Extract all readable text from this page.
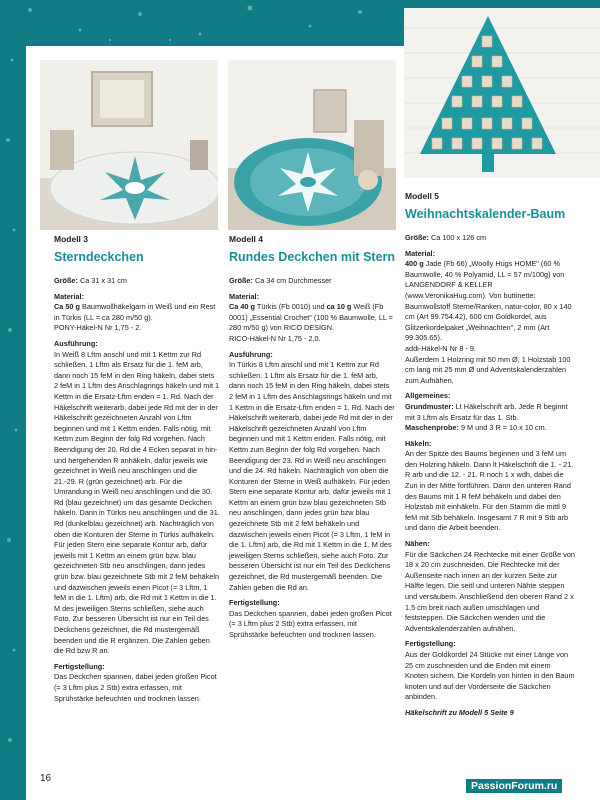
Modell 3
Sterndeckchen
Modell 4
Rundes Deckchen mit Stern
Modell 5
Weihnachtskalender-Baum

Größe: Ca 31 x 31 cm

Material:
Ca 50 g Baumwollhäkelgarn in Weiß und ein Rest in Türkis (LL = ca 280 m/50 g).
PONY-Häkel-N Nr 1,75 - 2.

Ausführung:
In Weiß 8 Lftm anschl und mit 1 Kettm zur Rd schließen. 1 Lftm als Ersatz für die 1. feM arb, dann noch 15 feM in den Ring häkeln, dabei stets 2 feM in 1 Lftm des Anschlagrings häkeln und mit 1 Kettm in die Ersatz-Lftm enden = 1. Rd. Nach der Häkelschrift weiterarb, dabei jede Rd mit der in der Häkelschrift gezeichneten Anzahl von Lftm beginnen und mit 1 Kettm enden. Falls nötig, mit Kettm zum Beginn der folg Rd vorgehen. Nach Beendigung der 20. Rd die 4 Ecken separat in hin- und hergehenden R anhäkeln, dafür jeweils wie gezeichnet in Weiß neu anschlingen und die 21.-29. R (grün gezeichnet) arb. Für die Umrandung in Weiß neu anschlingen und die 30. Rd (blau gezeichnet) um das gesamte Deckchen häkeln. Dann in Türkis neu anschlingen und die 31. Rd (dunkelblau gezeichnet) arb. Nachträglich von oben die Konturen der Sterne in Türkis aufhäkeln. Für jeden Stern eine separate Kontur arb, dafür jeweils mit 1 Kettm an einem grün bzw. blau gezeichneten Stb neu anschlingen, dann jedes grün bzw. blau gezeichnete Stb mit 2 feM behäkeln und dazwischen jeweils einen Picot (= 3 Lftm, 1 feM in die 1. Lftm) arb, die Rd mit 1 Kettm in die 1. M des jeweiligen Sterns schließen, siehe auch Foto. Zur besseren Übersicht ist nur ein Teil des Deckchens gezeichnet, die Rd mustergemäß beenden und die R ergänzen. Die Zahlen geben die Rd bzw R an.

Fertigstellung:
Das Deckchen spannen, dabei jeden großen Picot (= 3 Lftm plus 2 Stb) extra erfassen, mit Sprühstärke befeuchten und trocknen lassen.

Größe: Ca 34 cm Durchmesser

Material:
Ca 40 g Türkis (Fb 0010) und ca 10 g Weiß (Fb 0001) „Essential Crochet" (100 % Baumwolle, LL = 280 m/50 g) von RICO DESIGN.
RICO-Häkel-N Nr 1,75 - 2,0.

Ausführung:
In Türkis 8 Lftm anschl und mit 1 Kettm zur Rd schließen. 1 Lftm als Ersatz für die 1. feM arb, dann noch 15 feM in den Ring häkeln, dabei stets 2 feM in 1 Lftm des Anschlagsrings häkeln und mit 1 Kettm in die Ersatz-Lftm enden = 1. Rd. Nach der Häkelschrift weiterarb, dabei jede Rd mit der in der Häkelschrift gezeichneten Anzahl von Lftm beginnen und mit 1 Kettm enden. Falls nötig, mit Kettm zum Beginn der folg Rd vorgehen. Nach Beendigung der 23. Rd in Weiß neu anschlingen und die 24. Rd häkeln. Nachträglich von oben die Konturen der Sterne in Weiß aufhäkeln. Für jeden Stern eine separate Kontur arb, dafür jeweils mit 1 Kettm an einem grün bzw blau gezeichneten Stb neu anschlingen, dann jedes grün bzw blau gezeichnete Stb mit 2 feM behäkeln und dazwischen jeweils einen Picot (= 3 Lftm, 1 feM in die 1. Lftm) arb, die Rd mit 1 Kettm in die 1. M des jeweiligen Sterns schließen, siehe auch Foto. Zur besseren Übersicht ist nur ein Teil des Deckchens gezeichnet, die Rd mustergemäß beenden. Die Zahlen geben die Rd an.

Fertigstellung:
Das Deckchen spannen, dabei jeden großen Picot (= 3 Lftm plus 2 Stb) extra erfassen, mit Sprühstärke befeuchten und trocknen lassen.

Größe: Ca 100 x 126 cm

Material:
400 g Jade (Fb 66) „Woolly Hugs HOME" (60 % Baumwolle, 40 % Polyamid, LL = 57 m/100g) von LANGENDORF & KELLER (www.VeronikaHug.com). Von buttinette: Baumwollstoff Sterne/Ranken, natur-color, 80 x 140 cm (Art 99.754.42), 600 cm Goldkordel, aus Glitzerkordelpaket „Weihnachten", 2 mm (Art 99.305.65).
addi-Häkel-N Nr 8 - 9.
Außerdem 1 Holzring mit 50 mm Ø, 1 Holzstab 100 cm lang mit 25 mm Ø und Adventskalenderzahlen zum Aufnähen.

Allgemeines:
Grundmuster: Lt Häkelschrift arb. Jede R beginnt mit 3 Lftm als Ersatz für das 1. Stb.
Maschenprobe: 9 M und 3 R = 10 x 10 cm.

Häkeln:
An der Spitze des Baums beginnen und 3 feM um den Holzring häkeln. Dann lt Häkelschrift die 1. - 21. R arb und die 12. - 21. R noch 1 x wdh, dabei die Zun in der Mitte fortführen. Dann den unteren Rand des Baums mit 1 R feM behäkeln und dabei den Holzstab mit einhäkeln. Für den Stamm die mittl 9 feM mit Stb behäkeln. Insgesamt 7 R mit 9 Stb arb und dann die Arbeit beenden.

Nähen:
Für die Säckchen 24 Rechtecke mit einer Größe von 18 x 20 cm zuschneiden. Die Rechtecke mit der Außenseite nach innen an der kurzen Seite zur Hälfte legen. Die seitl und unteren Nähte steppen und versäubern. Anschließend den oberen Rand 2 x 1,5 cm breit nach außen umschlagen und feststeppen. Die Säckchen wenden und die Adventskalenderzahlen aufnähen.

Fertigstellung:
Aus der Goldkordel 24 Stücke mit einer Länge von 25 cm zuschneiden und die Enden mit einem Knoten sichern. Die Kordeln von hinten in den Baum knoten und auf der Vorderseite die Säckchen anbinden.

Häkelschrift zu Modell 5 Seite 9

16
PassionForum.ru
